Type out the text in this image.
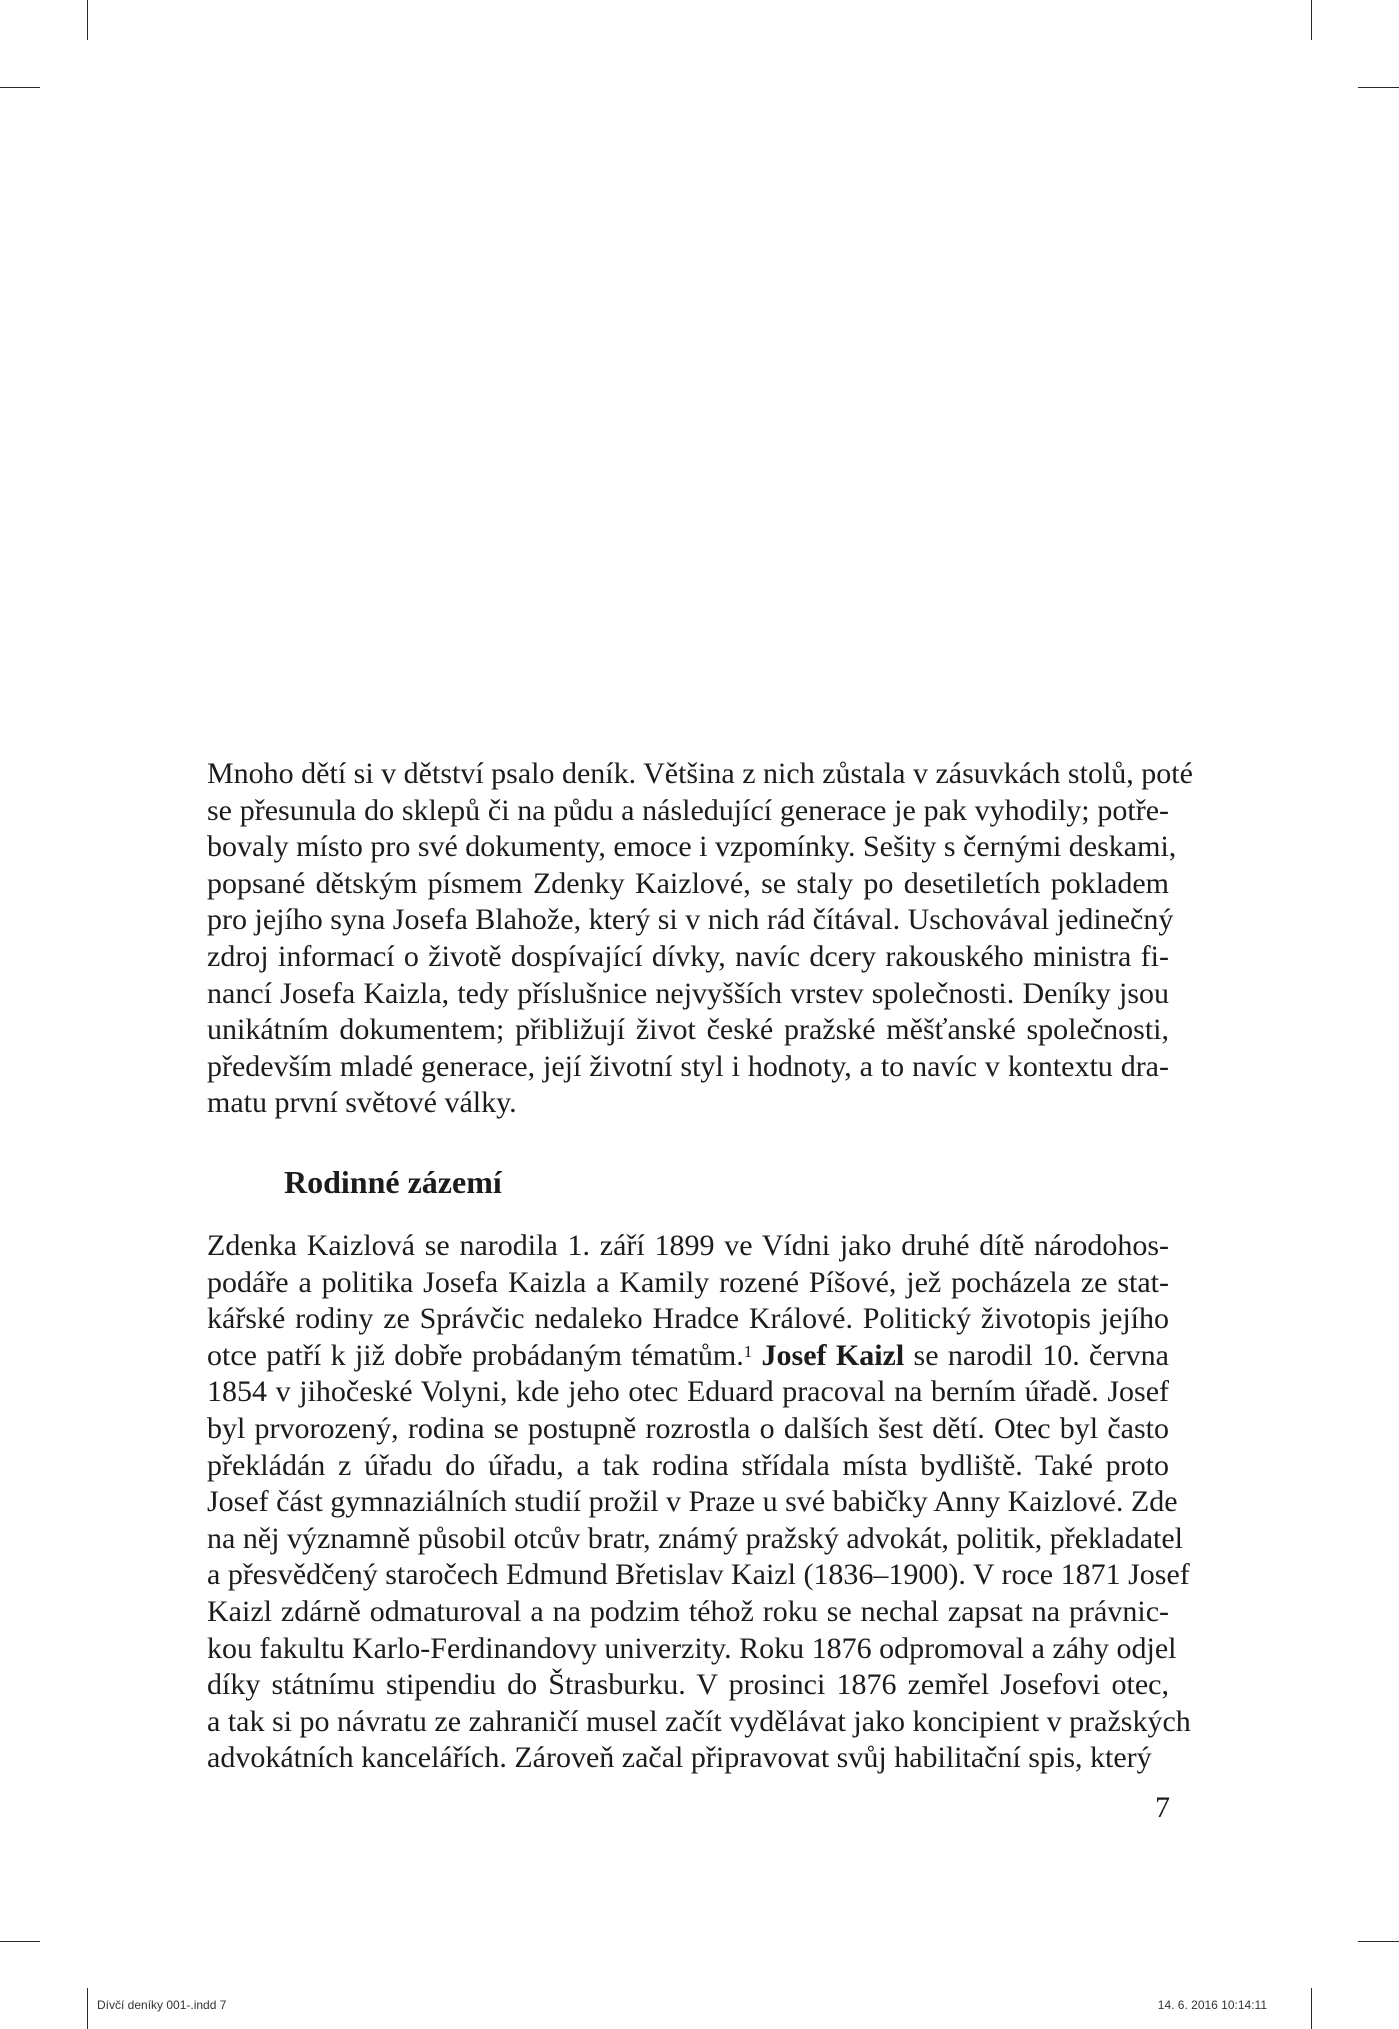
Mnoho dětí si v dětství psalo deník. Většina z nich zůstala v zásuvkách stolů, poté
se přesunula do sklepů či na půdu a následující generace je pak vyhodily; potře-
bovaly místo pro své dokumenty, emoce i vzpomínky. Sešity s černými deskami,
popsané dětským písmem Zdenky Kaizlové, se staly po desetiletích pokladem
pro jejího syna Josefa Blahože, který si v nich rád čítával. Uschovával jedinečný
zdroj informací o životě dospívající dívky, navíc dcery rakouského ministra fi-
nancí Josefa Kaizla, tedy příslušnice nejvyšších vrstev společnosti. Deníky jsou
unikátním dokumentem; přibližují život české pražské měšťanské společnosti,
především mladé generace, její životní styl i hodnoty, a to navíc v kontextu dra-
matu první světové války.
Rodinné zázemí
Zdenka Kaizlová se narodila 1. září 1899 ve Vídni jako druhé dítě národohos-
podáře a politika Josefa Kaizla a Kamily rozené Píšové, jež pocházela ze stat-
kářské rodiny ze Správčic nedaleko Hradce Králové. Politický životopis jejího
otce patří k již dobře probádaným tématům.$^1$ Josef Kaizl se narodil 10. června
1854 v jihočeské Volyni, kde jeho otec Eduard pracoval na berním úřadě. Josef
byl prvorozený, rodina se postupně rozrostla o dalších šest dětí. Otec byl často
překládán z úřadu do úřadu, a tak rodina střídala místa bydliště. Také proto
Josef část gymnaziálních studií prožil v Praze u své babičky Anny Kaizlové. Zde
na něj významně působil otcův bratr, známý pražský advokát, politik, překladatel
a přesvědčený staročech Edmund Břetislav Kaizl (1836–1900). V roce 1871 Josef
Kaizl zdárně odmaturoval a na podzim téhož roku se nechal zapsat na právnic-
kou fakultu Karlo-Ferdinandovy univerzity. Roku 1876 odpromoval a záhy odjel
díky státnímu stipendiu do Štrasburku. V prosinci 1876 zemřel Josefovi otec,
a tak si po návratu ze zahraničí musel začít vydělávat jako koncipient v pražských
advokátních kancelářích. Zároveň začal připravovat svůj habilitační spis, který
7
Dívčí deníky 001-.indd 7	14. 6. 2016 10:14:11
